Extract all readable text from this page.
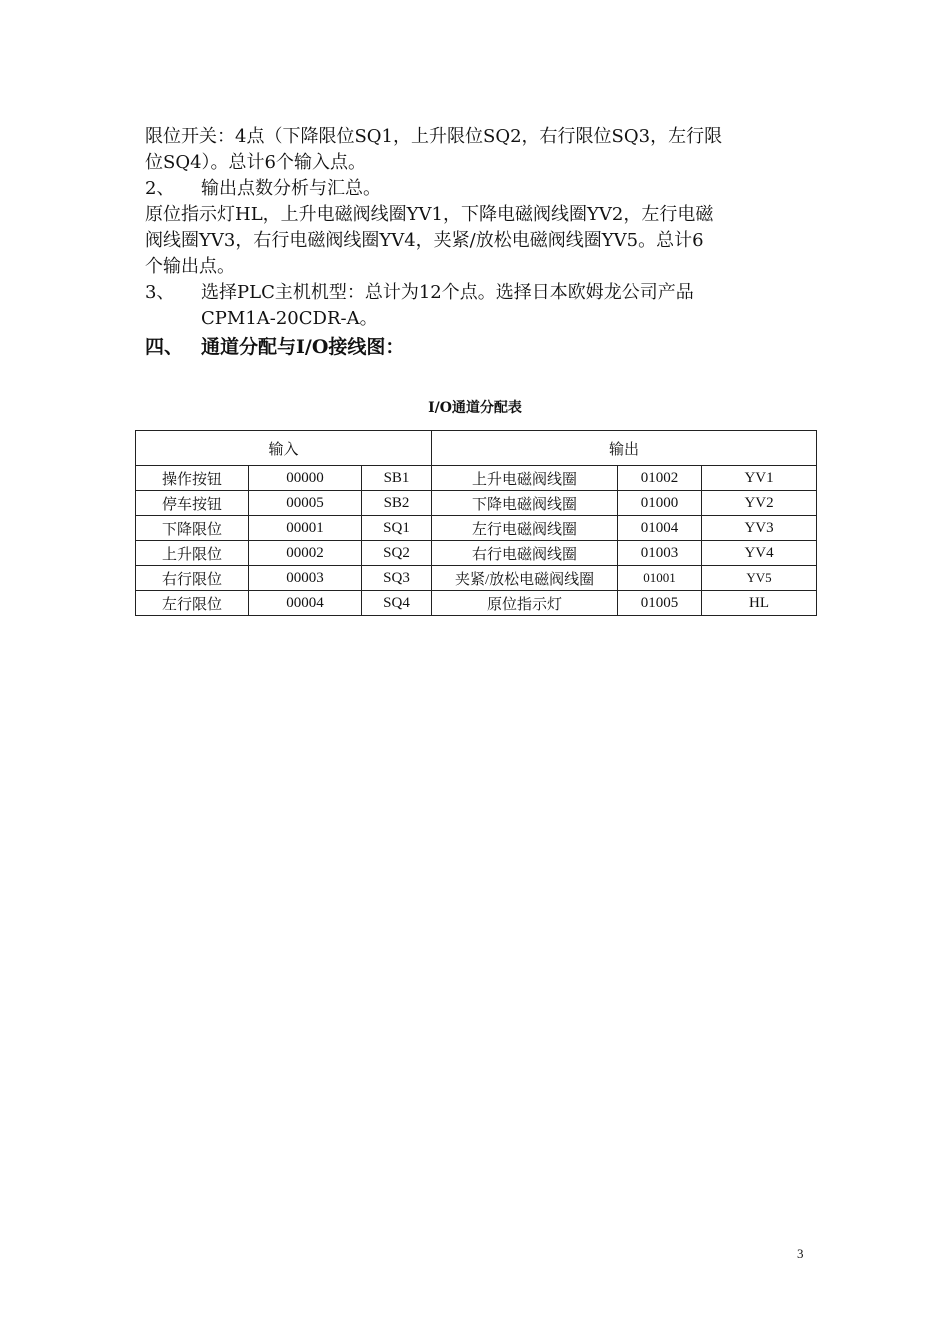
限位开关：4点（下降限位SQ1，上升限位SQ2，右行限位SQ3，左行限
位SQ4）。总计6个输入点。
2、 输出点数分析与汇总。
原位指示灯HL，上升电磁阀线圈YV1，下降电磁阀线圈YV2，左行电磁
阀线圈YV3，右行电磁阀线圈YV4，夹紧/放松电磁阀线圈YV5。总计6
个输出点。
3、 选择PLC主机机型：总计为12个点。选择日本欧姆龙公司产品
CPM1A-20CDR-A。
四、 通道分配与I/O接线图：
I/O通道分配表
输入			输出		
操作按钮	00000	SB1	上升电磁阀线圈	01002	YV1
停车按钮	00005	SB2	下降电磁阀线圈	01000	YV2
下降限位	00001	SQ1	左行电磁阀线圈	01004	YV3
上升限位	00002	SQ2	右行电磁阀线圈	01003	YV4
右行限位	00003	SQ3	夹紧/放松电磁阀线圈	01001	YV5
左行限位	00004	SQ4	原位指示灯	01005	HL
3
